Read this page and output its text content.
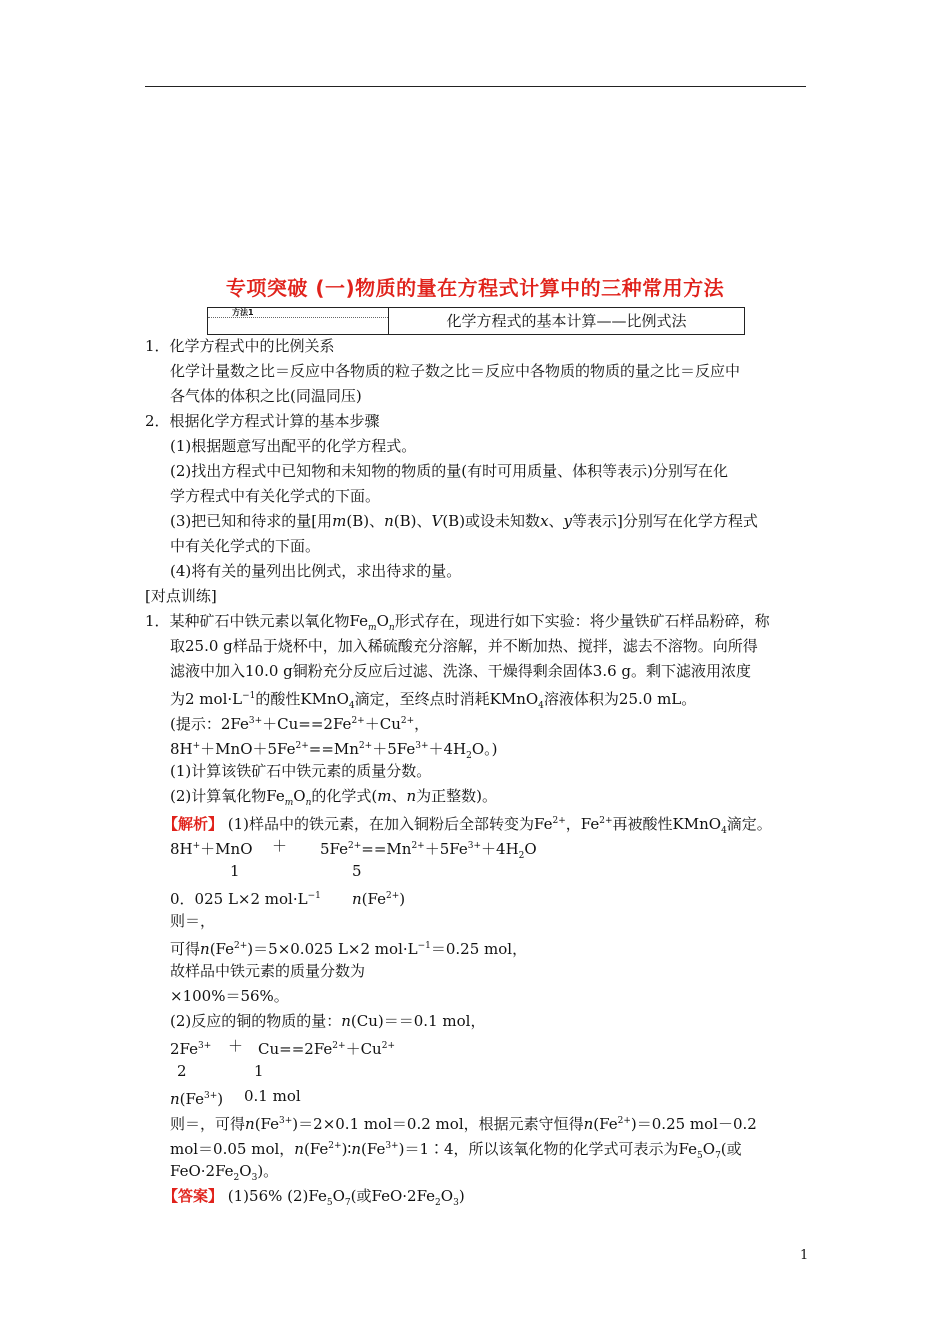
专项突破 (一)物质的量在方程式计算中的三种常用方法
方法1	化学方程式的基本计算——比例式法
1．化学方程式中的比例关系
化学计量数之比＝反应中各物质的粒子数之比＝反应中各物质的物质的量之比＝反应中
各气体的体积之比(同温同压)
2．根据化学方程式计算的基本步骤
(1)根据题意写出配平的化学方程式。
(2)找出方程式中已知物和未知物的物质的量(有时可用质量、体积等表示)分别写在化
学方程式中有关化学式的下面。
(3)把已知和待求的量[用m(B)、n(B)、V(B)或设未知数x、y等表示]分别写在化学方程式
中有关化学式的下面。
(4)将有关的量列出比例式，求出待求的量。
[对点训练]
1．某种矿石中铁元素以氧化物$Fe_mO_n$形式存在，现进行如下实验：将少量铁矿石样品粉碎，称
取25.0 g样品于烧杯中，加入稀硫酸充分溶解，并不断加热、搅拌，滤去不溶物。向所得
滤液中加入10.0 g铜粉充分反应后过滤、洗涤、干燥得剩余固体3.6 g。剩下滤液用浓度
为2 $mol\cdot L^{-1}$的酸性KMnO$_4$滴定，至终点时消耗KMnO$_4$溶液体积为25.0 mL。
(提示：$2Fe^{3+}+Cu==2Fe^{2+}+Cu^{2+}$，
$8H^++MnO+5Fe^{2+}==Mn^{2+}+5Fe^{3+}+4H_2O$。)
(1)计算该铁矿石中铁元素的质量分数。
(2)计算氧化物$Fe_mO_n$的化学式(m、n为正整数)。
【解析】 (1)样品中的铁元素，在加入铜粉后全部转变为$Fe^{2+}$，$Fe^{2+}$再被酸性KMnO$_4$滴定。
$8H^++MnO + 5Fe^{2+}==Mn^{2+}+5Fe^{3+}+4H_2O$
1	5
0．025 L×2 $mol\cdot L^{-1}$ $n(Fe^{2+})$
则＝，
可得$n(Fe^{2+})=5\times 0.025$ L×2 $mol\cdot L^{-1}=0.25$ mol，
故样品中铁元素的质量分数为
×100%＝56%。
(2)反应的铜的物质的量：n(Cu)＝＝0.1 mol，
$2Fe^{3+} + Cu==2Fe^{2+}+Cu^{2+}$
2	1
$n(Fe^{3+})$ 0.1 mol
则＝，可得$n(Fe^{3+})=2\times 0.1$ mol＝0.2 mol，根据元素守恒得$n(Fe^{2+})=0.25$ mol－0.2
mol＝0.05 mol，$n(Fe^{2+})∶n(Fe^{3+})=1∶4$，所以该氧化物的化学式可表示为$Fe_5O_7$(或
$FeO\cdot 2Fe_2O_3$)。
【答案】 (1)56% $(2)Fe_5O_7$(或$FeO\cdot 2Fe_2O_3$)
1
